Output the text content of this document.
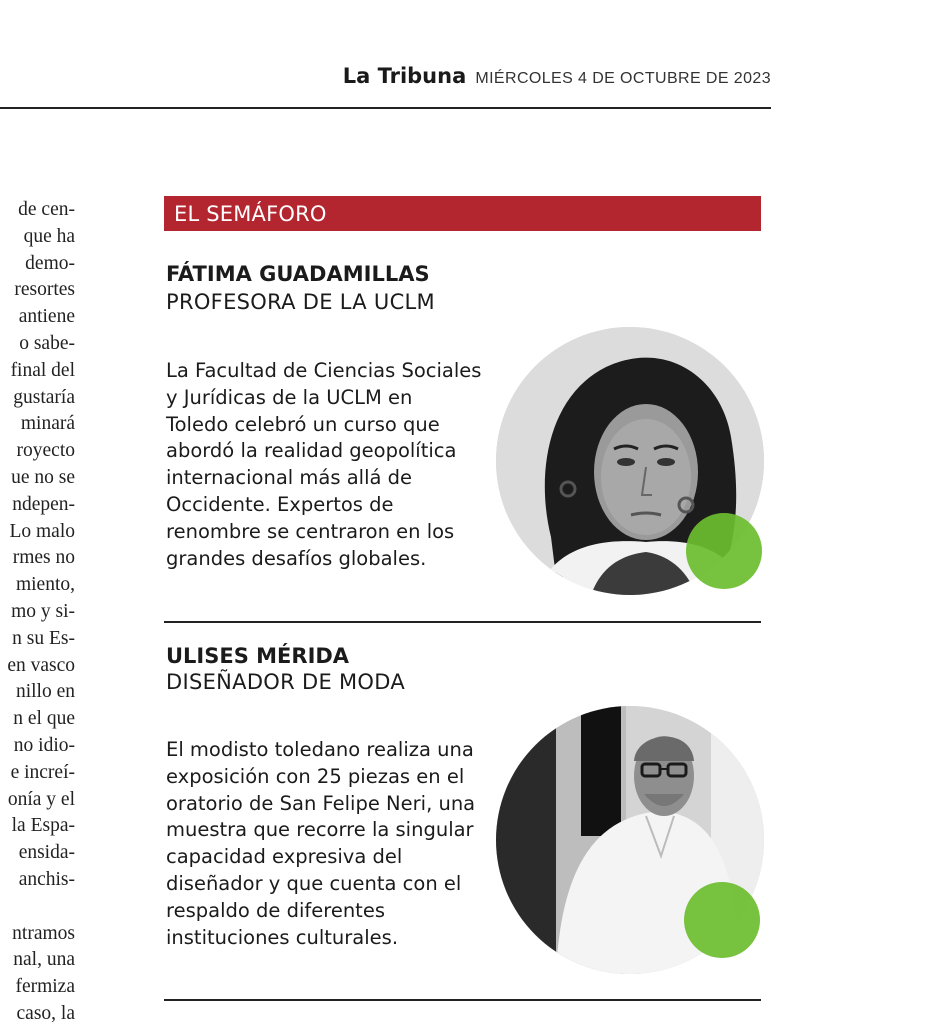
La Tribuna MIÉRCOLES 4 DE OCTUBRE DE 2023
de cen-
que ha
demo-
resortes
antiene
o sabe-
final del
gustaría
minará
royecto
ue no se
ndepen-
Lo malo
rmes no
miento,
mo y si-
n su Es-
en vasco
nillo en
n el que
no idio-
e increí-
onía y el
la Espa-
ensida-
anchis-
ntramos
nal, una
fermiza
caso, la
EL SEMÁFORO
FÁTIMA GUADAMILLAS
PROFESORA DE LA UCLM
La Facultad de Ciencias Sociales
y Jurídicas de la UCLM en
Toledo celebró un curso que
abordó la realidad geopolítica
internacional más allá de
Occidente. Expertos de
renombre se centraron en los
grandes desafíos globales.
ULISES MÉRIDA
DISEÑADOR DE MODA
El modisto toledano realiza una
exposición con 25 piezas en el
oratorio de San Felipe Neri, una
muestra que recorre la singular
capacidad expresiva del
diseñador y que cuenta con el
respaldo de diferentes
instituciones culturales.
